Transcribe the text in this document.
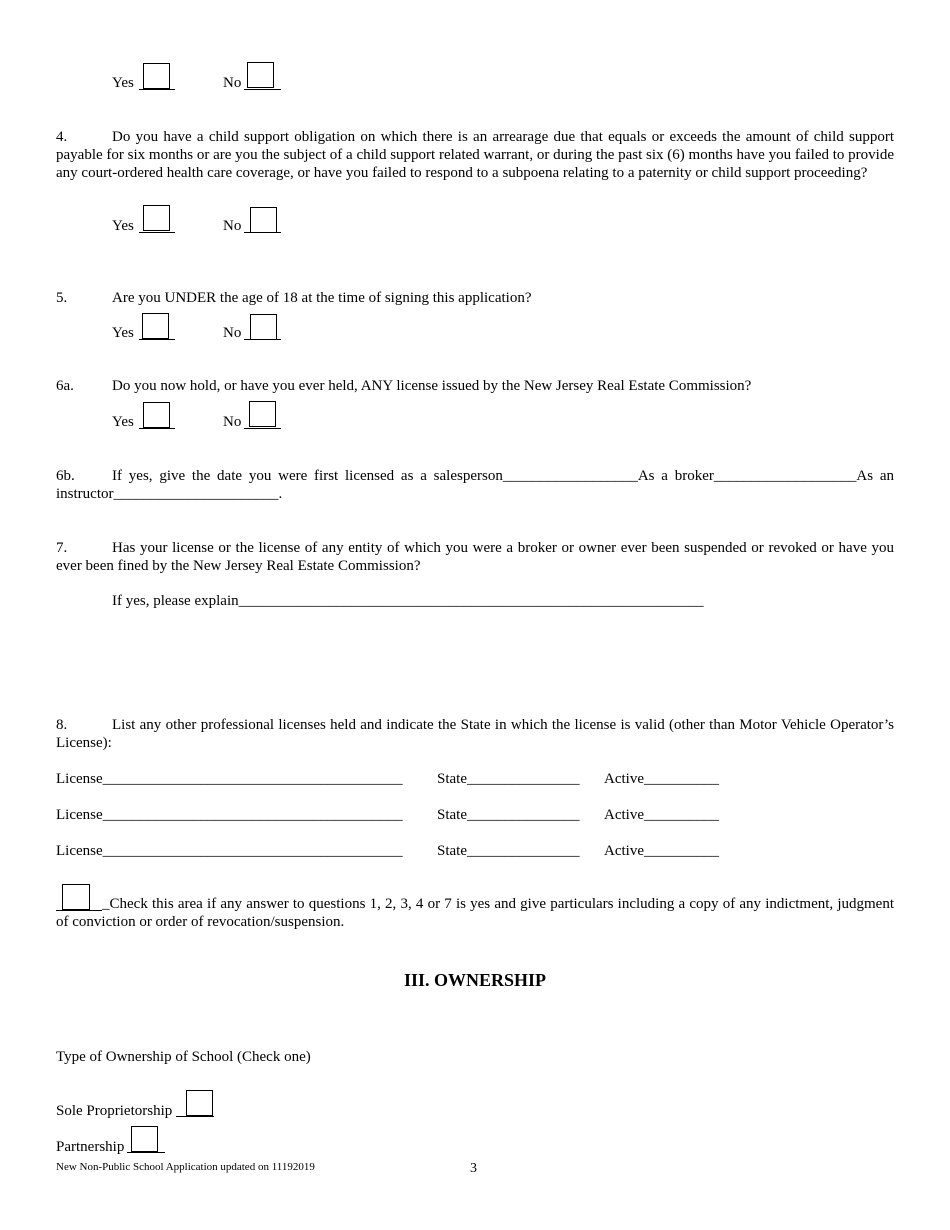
Yes	No
4.	Do you have a child support obligation on which there is an arrearage due that equals or exceeds the amount of child support payable for six months or are you the subject of a child support related warrant, or during the past six (6) months have you failed to provide any court-ordered health care coverage, or have you failed to respond to a subpoena relating to a paternity or child support proceeding?
Yes	No
5.	Are you UNDER the age of 18 at the time of signing this application?
Yes	No
6a.	Do you now hold, or have you ever held, ANY license issued by the New Jersey Real Estate Commission?
Yes	No
6b. If yes, give the date you were first licensed as a salesperson__________________As a broker___________________As an instructor______________________.
7.	Has your license or the license of any entity of which you were a broker or owner ever been suspended or revoked or have you ever been fined by the New Jersey Real Estate Commission?
If yes, please explain______________________________________________________________
8.	List any other professional licenses held and indicate the State in which the license is valid (other than Motor Vehicle Operator’s License):
License________________________________________ State_______________ Active__________
License________________________________________ State_______________ Active__________
License________________________________________ State_______________ Active__________
_Check this area if any answer to questions 1, 2, 3, 4 or 7 is yes and give particulars including a copy of any indictment, judgment of conviction or order of revocation/suspension.
III. OWNERSHIP
Type of Ownership of School (Check one)
Sole Proprietorship
Partnership
New Non-Public School Application updated on 11192019	3
